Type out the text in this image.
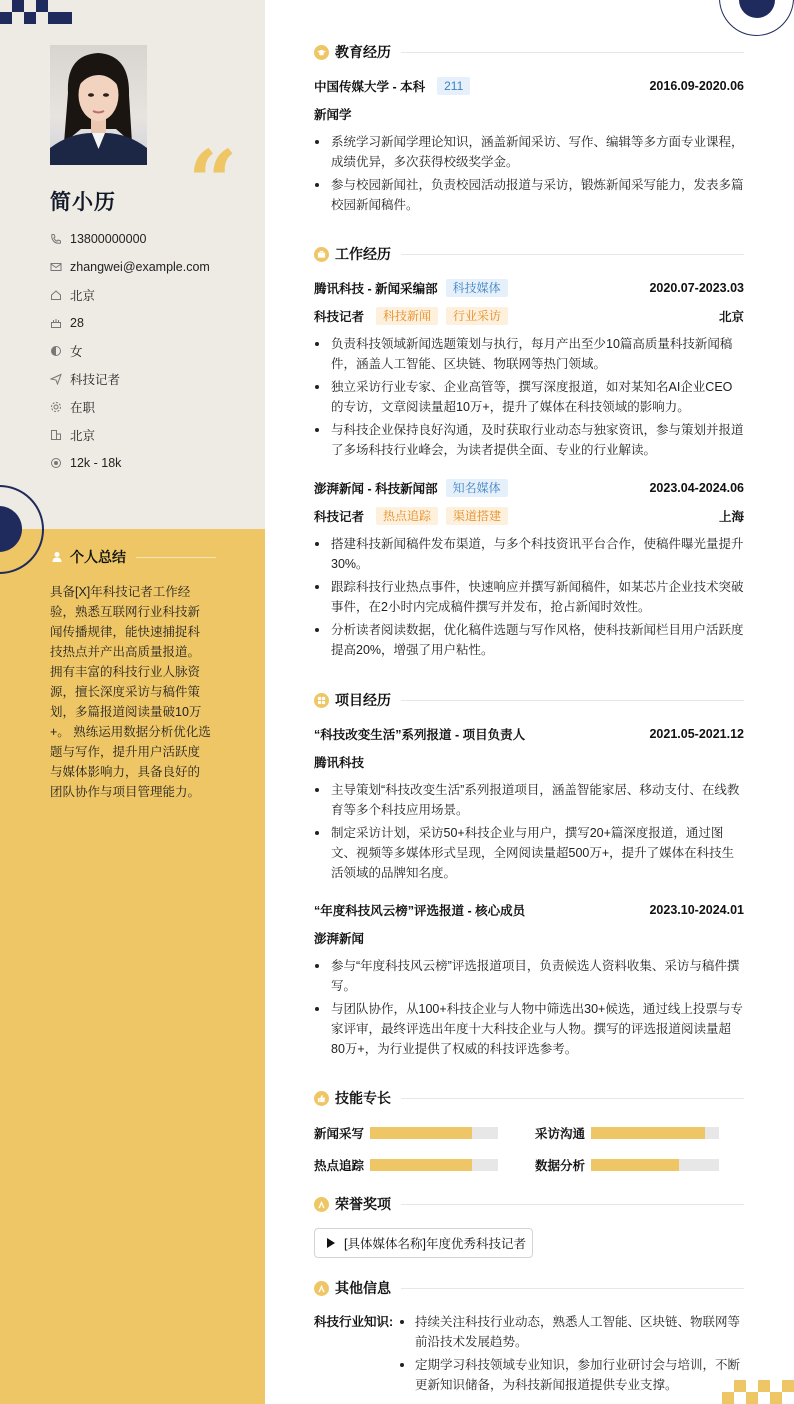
“
简小历
13800000000
zhangwei@example.com
北京
28
女
科技记者
在职
北京
12k - 18k
个人总结
具备[X]年科技记者工作经验，熟悉互联网行业科技新闻传播规律，能快速捕捉科技热点并产出高质量报道。 拥有丰富的科技行业人脉资源，擅长深度采访与稿件策划，多篇报道阅读量破10万+。 熟练运用数据分析优化选题与写作，提升用户活跃度与媒体影响力，具备良好的团队协作与项目管理能力。
教育经历
中国传媒大学 - 本科	211	2016.09-2020.06
新闻学
系统学习新闻学理论知识，涵盖新闻采访、写作、编辑等多方面专业课程，成绩优异，多次获得校级奖学金。
参与校园新闻社，负责校园活动报道与采访，锻炼新闻采写能力，发表多篇校园新闻稿件。
工作经历
腾讯科技 - 新闻采编部	科技媒体	2020.07-2023.03
科技记者	科技新闻	行业采访	北京
负责科技领域新闻选题策划与执行，每月产出至少10篇高质量科技新闻稿件，涵盖人工智能、区块链、物联网等热门领域。
独立采访行业专家、企业高管等，撰写深度报道，如对某知名AI企业CEO的专访，文章阅读量超10万+，提升了媒体在科技领域的影响力。
与科技企业保持良好沟通，及时获取行业动态与独家资讯，参与策划并报道了多场科技行业峰会，为读者提供全面、专业的行业解读。
澎湃新闻 - 科技新闻部	知名媒体	2023.04-2024.06
科技记者	热点追踪	渠道搭建	上海
搭建科技新闻稿件发布渠道，与多个科技资讯平台合作，使稿件曝光量提升30%。
跟踪科技行业热点事件，快速响应并撰写新闻稿件，如某芯片企业技术突破事件，在2小时内完成稿件撰写并发布，抢占新闻时效性。
分析读者阅读数据，优化稿件选题与写作风格，使科技新闻栏目用户活跃度提高20%，增强了用户粘性。
项目经历
“科技改变生活”系列报道 - 项目负责人	2021.05-2021.12
腾讯科技
主导策划“科技改变生活”系列报道项目，涵盖智能家居、移动支付、在线教育等多个科技应用场景。
制定采访计划，采访50+科技企业与用户，撰写20+篇深度报道，通过图文、视频等多媒体形式呈现，全网阅读量超500万+，提升了媒体在科技生活领域的品牌知名度。
“年度科技风云榜”评选报道 - 核心成员	2023.10-2024.01
澎湃新闻
参与“年度科技风云榜”评选报道项目，负责候选人资料收集、采访与稿件撰写。
与团队协作，从100+科技企业与人物中筛选出30+候选，通过线上投票与专家评审，最终评选出年度十大科技企业与人物。撰写的评选报道阅读量超80万+，为行业提供了权威的科技评选参考。
技能专长
新闻采写	采访沟通
热点追踪	数据分析
荣誉奖项
[具体媒体名称]年度优秀科技记者
其他信息
科技行业知识:	持续关注科技行业动态，熟悉人工智能、区块链、物联网等前沿技术发展趋势。
定期学习科技领域专业知识，参加行业研讨会与培训，不断更新知识储备，为科技新闻报道提供专业支撑。
